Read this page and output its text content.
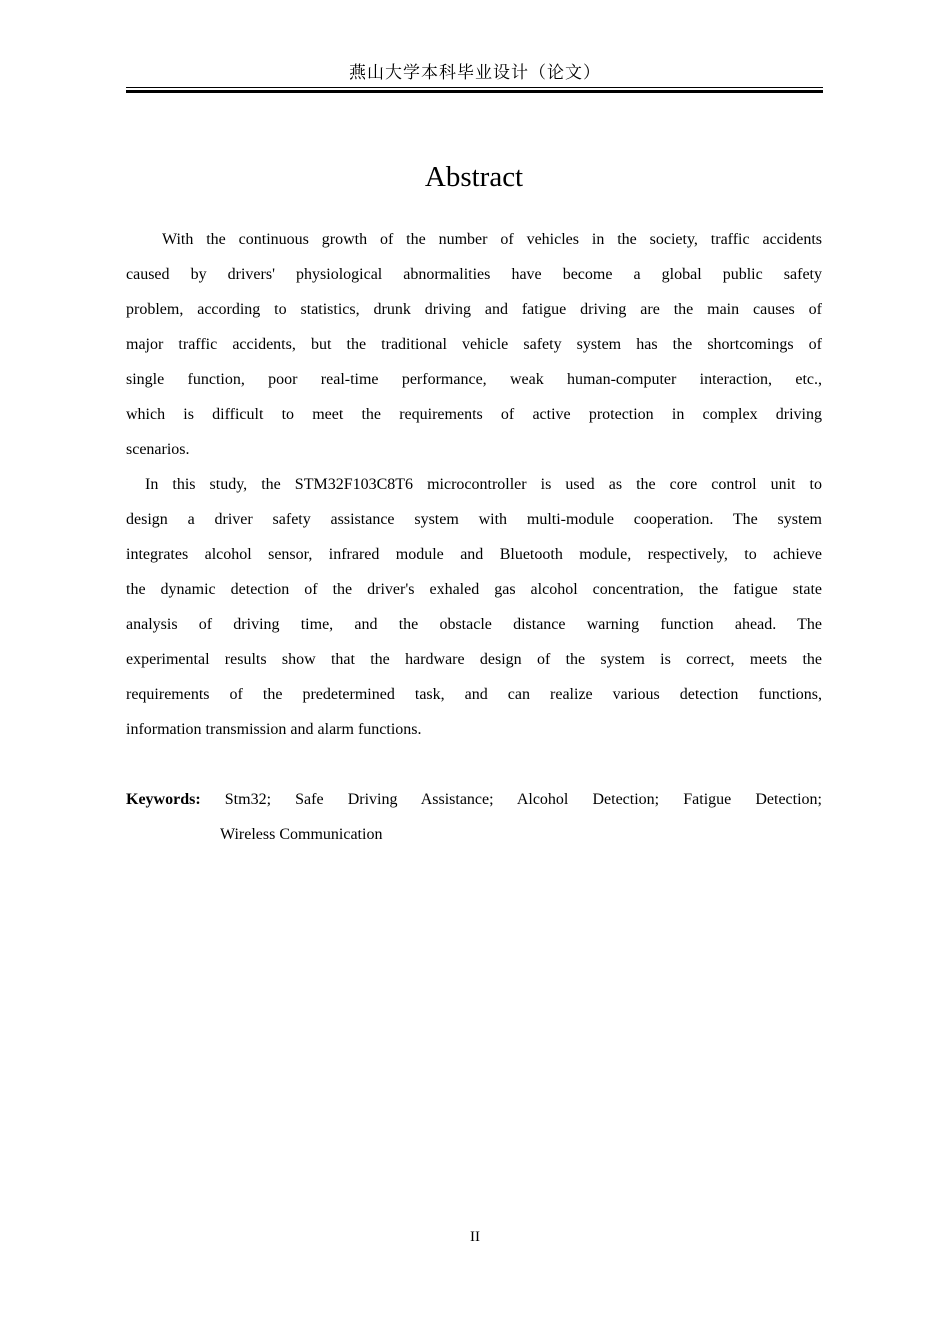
燕山大学本科毕业设计（论文）
Abstract
With the continuous growth of the number of vehicles in the society, traffic accidents
caused by drivers' physiological abnormalities have become a global public safety
problem, according to statistics, drunk driving and fatigue driving are the main causes of
major traffic accidents, but the traditional vehicle safety system has the shortcomings of
single function, poor real-time performance, weak human-computer interaction, etc.,
which is difficult to meet the requirements of active protection in complex driving
scenarios.
In this study, the STM32F103C8T6 microcontroller is used as the core control unit to
design a driver safety assistance system with multi-module cooperation. The system
integrates alcohol sensor, infrared module and Bluetooth module, respectively, to achieve
the dynamic detection of the driver's exhaled gas alcohol concentration, the fatigue state
analysis of driving time, and the obstacle distance warning function ahead. The
experimental results show that the hardware design of the system is correct, meets the
requirements of the predetermined task, and can realize various detection functions,
information transmission and alarm functions.
Keywords: Stm32; Safe Driving Assistance; Alcohol Detection; Fatigue Detection;
Wireless Communication
II
